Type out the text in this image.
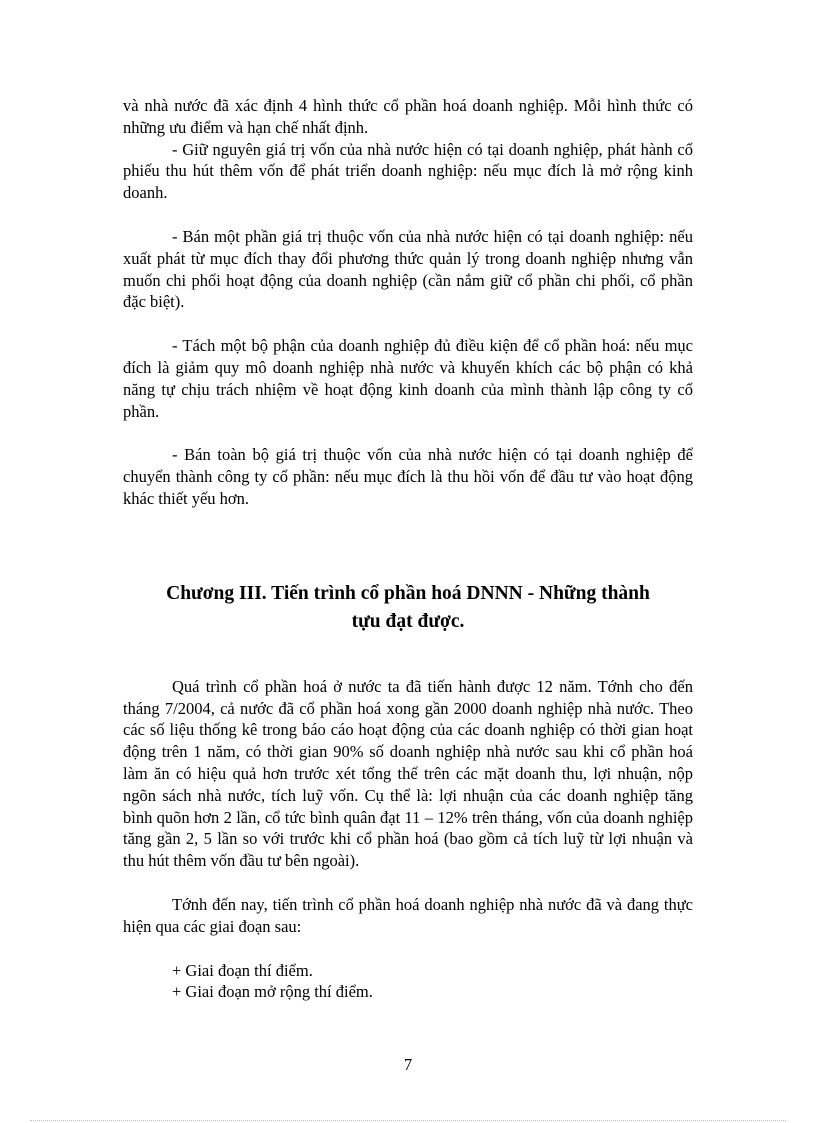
và nhà nước đã xác định 4 hình thức cổ phần hoá doanh nghiệp. Mỗi hình thức có những ưu điểm và hạn chế nhất định.

- Giữ nguyên giá trị vốn của nhà nước hiện có tại doanh nghiệp, phát hành cổ phiếu thu hút thêm vốn để phát triển doanh nghiệp: nếu mục đích là mở rộng kinh doanh.

- Bán một phần giá trị thuộc vốn của nhà nước hiện có tại doanh nghiệp: nếu xuất phát từ mục đích thay đổi phương thức quản lý trong doanh nghiệp nhưng vẫn muốn chi phối hoạt động của doanh nghiệp (cần nắm giữ cổ phần chi phối, cổ phần đặc biệt).

- Tách một bộ phận của doanh nghiệp đủ điều kiện để cổ phần hoá: nếu mục đích là giảm quy mô doanh nghiệp nhà nước và khuyến khích các bộ phận có khả năng tự chịu trách nhiệm về hoạt động kinh doanh của mình thành lập công ty cổ phần.

- Bán toàn bộ giá trị thuộc vốn của nhà nước hiện có tại doanh nghiệp để chuyển thành công ty cổ phần: nếu mục đích là thu hồi vốn để đầu tư vào hoạt động khác thiết yếu hơn.

Chương III. Tiến trình cổ phần hoá DNNN - Những thành

tựu đạt được.

Quá trình cổ phần hoá ở nước ta đã tiến hành được 12 năm. Tớnh cho đến tháng 7/2004, cả nước đã cổ phần hoá xong gần 2000 doanh nghiệp nhà nước. Theo các số liệu thống kê trong báo cáo hoạt động của các doanh nghiệp có thời gian hoạt động trên 1 năm, có thời gian 90% số doanh nghiệp nhà nước sau khi cổ phần hoá làm ăn có hiệu quả hơn trước xét tổng thể trên các mặt doanh thu, lợi nhuận, nộp ngõn sách nhà nước, tích luỹ vốn. Cụ thể là: lợi nhuận của các doanh nghiệp tăng bình quõn hơn 2 lần, cổ tức bình quân đạt 11 – 12% trên tháng, vốn của doanh nghiệp tăng gần 2, 5 lần so với trước khi cổ phần hoá (bao gồm cả tích luỹ từ lợi nhuận và thu hút thêm vốn đầu tư bên ngoài).

Tớnh đến nay, tiến trình cổ phần hoá doanh nghiệp nhà nước đã và đang thực hiện qua các giai đoạn sau:

+ Giai đoạn thí điểm.

+ Giai đoạn mở rộng thí điểm.

7
